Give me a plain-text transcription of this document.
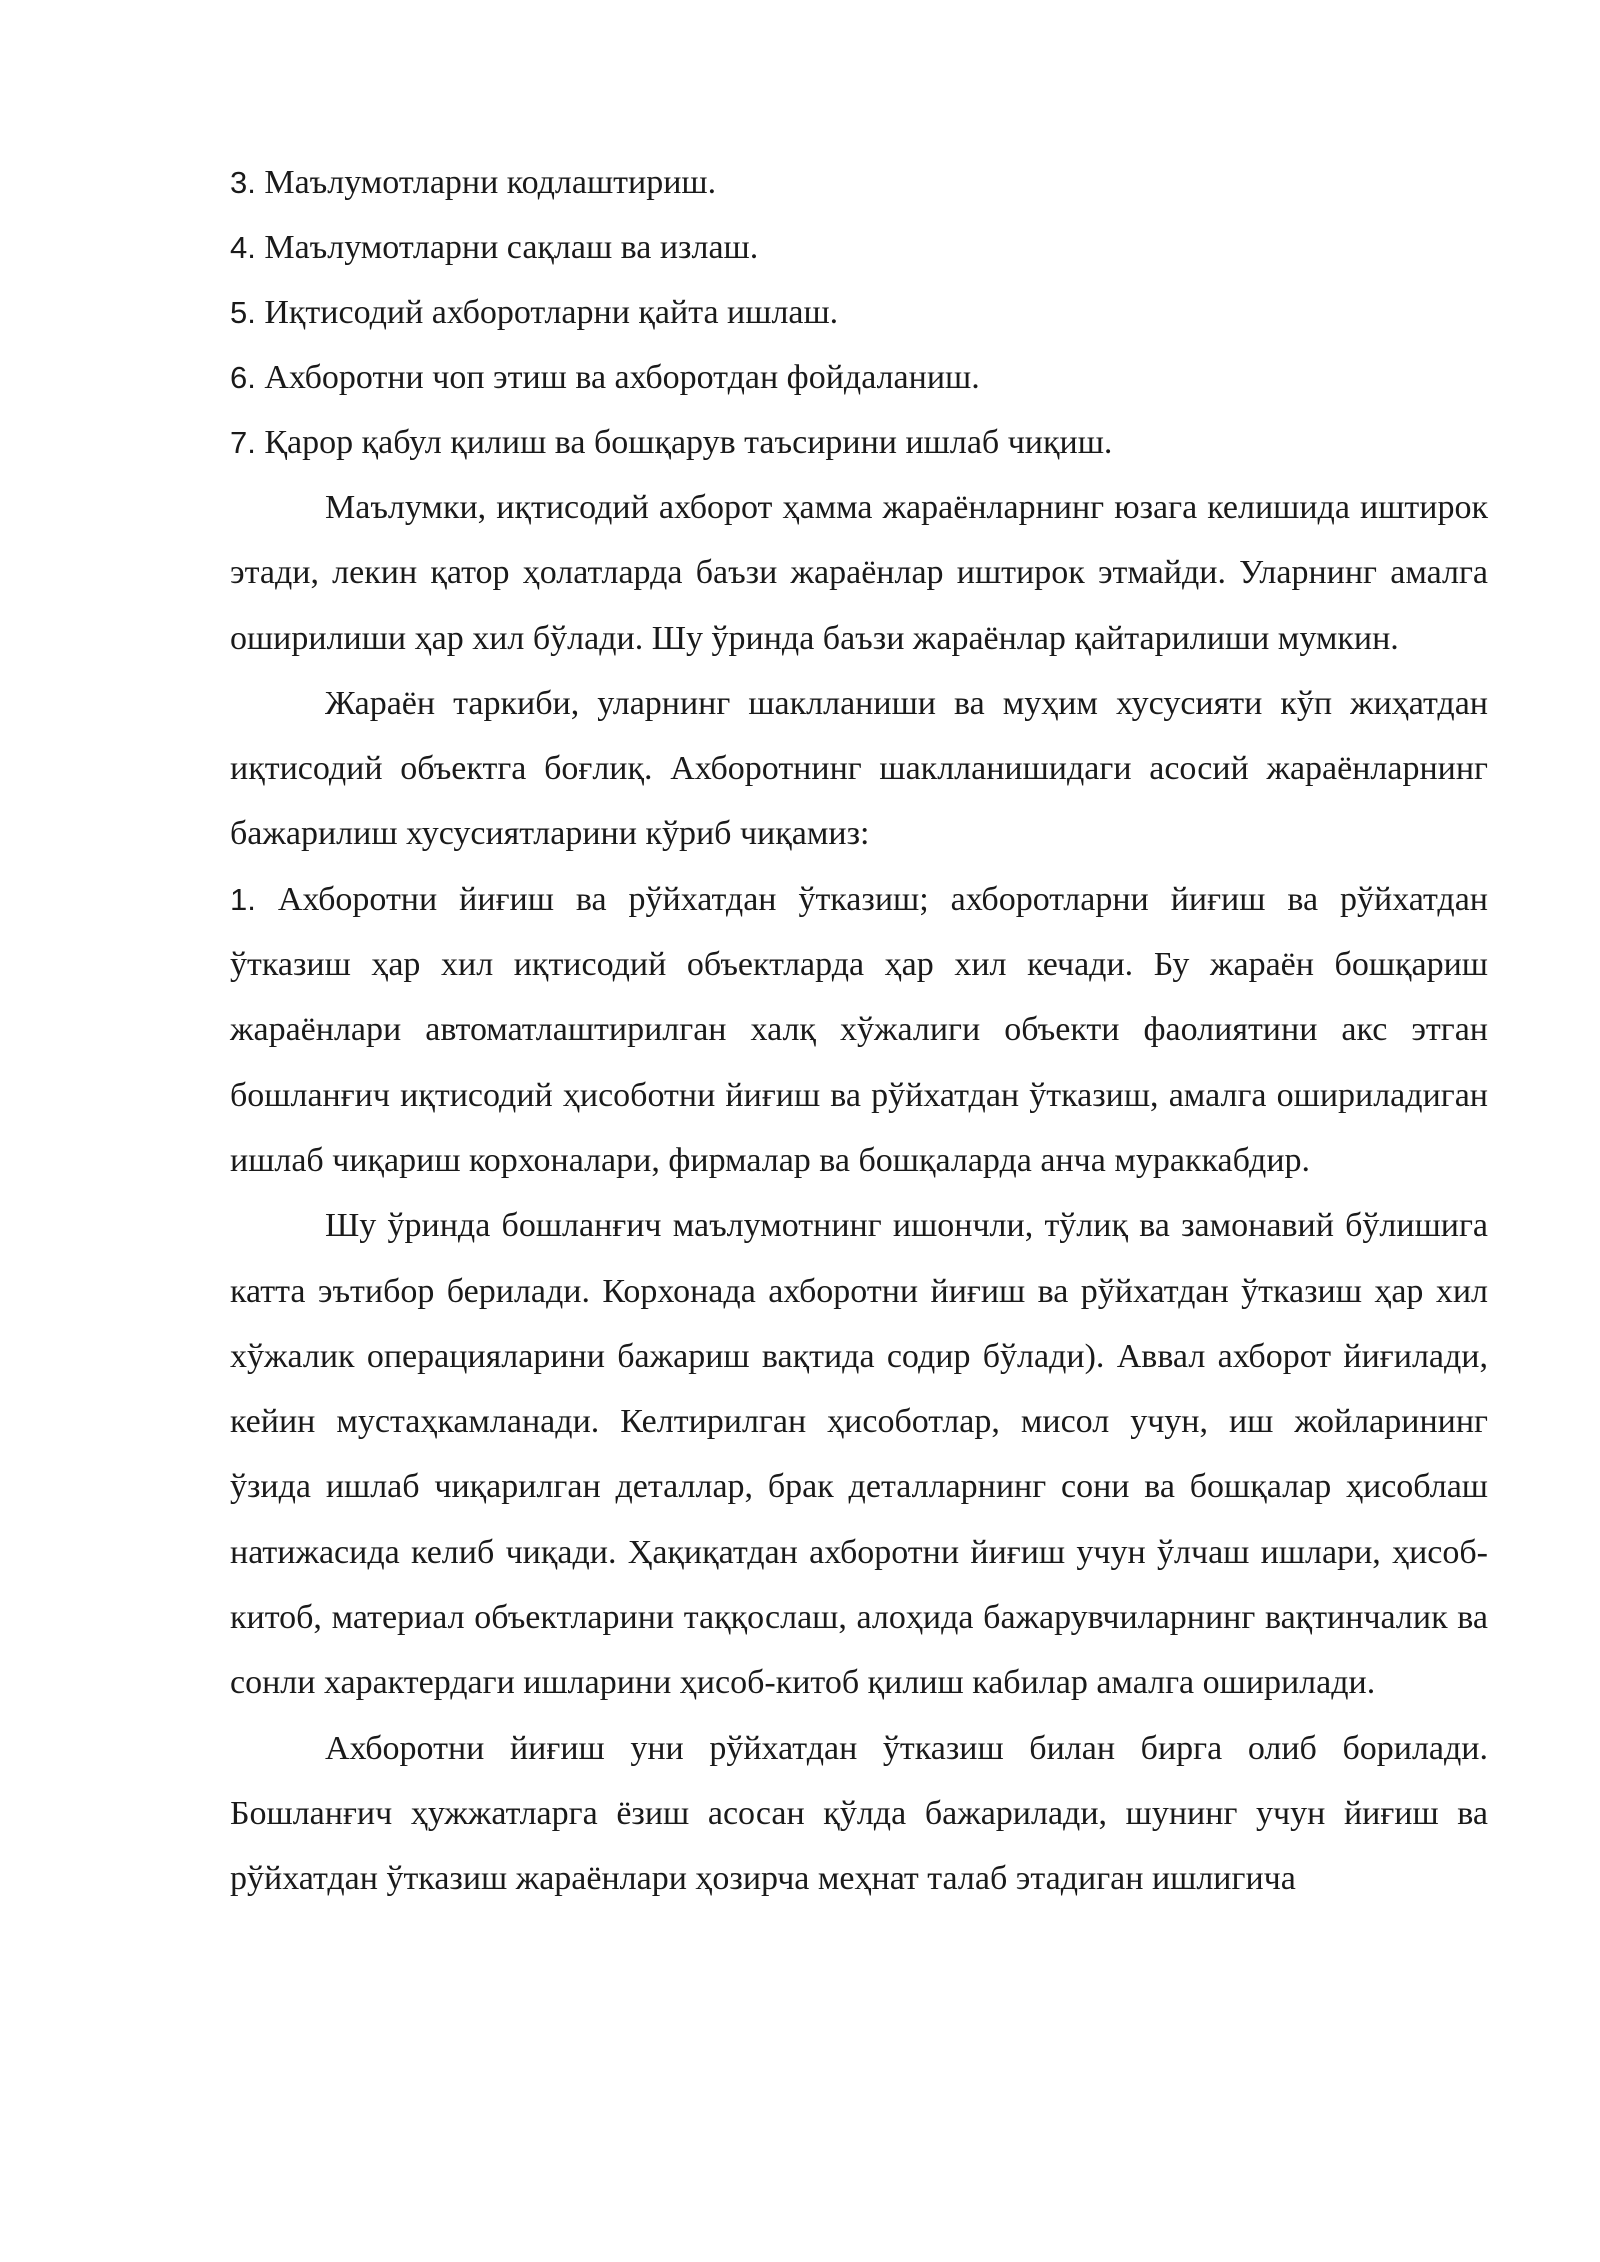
3. Маълумотларни кодлаштириш.

4. Маълумотларни сақлаш ва излаш.

5. Иқтисодий ахборотларни қайта ишлаш.

6. Ахборотни чоп этиш ва ахборотдан фойдаланиш.

7. Қарор қабул қилиш ва бошқарув таъсирини ишлаб чиқиш.

Маълумки, иқтисодий ахборот ҳамма жараёнларнинг юзага келишида иштирок этади, лекин қатор ҳолатларда баъзи жараёнлар иштирок этмайди. Уларнинг амалга оширилиши ҳар хил бўлади. Шу ўринда баъзи жараёнлар қайтарилиши мумкин.

Жараён таркиби, уларнинг шаклланиши ва муҳим хусусияти кўп жиҳатдан иқтисодий объектга боғлиқ. Ахборотнинг шаклланишидаги асосий жараёнларнинг бажарилиш хусусиятларини кўриб чиқамиз:

1. Ахборотни йиғиш ва рўйхатдан ўтказиш; ахборотларни йиғиш ва рўйхатдан ўтказиш ҳар хил иқтисодий объектларда ҳар хил кечади. Бу жараён бошқариш жараёнлари автоматлаштирилган халқ хўжалиги объекти фаолиятини акс этган бошланғич иқтисодий ҳисоботни йиғиш ва рўйхатдан ўтказиш, амалга ошириладиган ишлаб чиқариш корхоналари, фирмалар ва бошқаларда анча мураккабдир.

Шу ўринда бошланғич маълумотнинг ишончли, тўлиқ ва замонавий бўлишига катта эътибор берилади. Корхонада ахборотни йиғиш ва рўйхатдан ўтказиш ҳар хил хўжалик операцияларини бажариш вақтида содир бўлади). Аввал ахборот йиғилади, кейин мустаҳкамланади. Келтирилган ҳисоботлар, мисол учун, иш жойларининг ўзида ишлаб чиқарилган деталлар, брак деталларнинг сони ва бошқалар ҳисоблаш натижасида келиб чиқади. Ҳақиқатдан ахборотни йиғиш учун ўлчаш ишлари, ҳисоб-китоб, материал объектларини таққослаш, алоҳида бажарувчиларнинг вақтинчалик ва сонли характердаги ишларини ҳисоб-китоб қилиш кабилар амалга оширилади.

Ахборотни йиғиш уни рўйхатдан ўтказиш билан бирга олиб борилади. Бошланғич ҳужжатларга ёзиш асосан қўлда бажарилади, шунинг учун йиғиш ва рўйхатдан ўтказиш жараёнлари ҳозирча меҳнат талаб этадиган ишлигича
